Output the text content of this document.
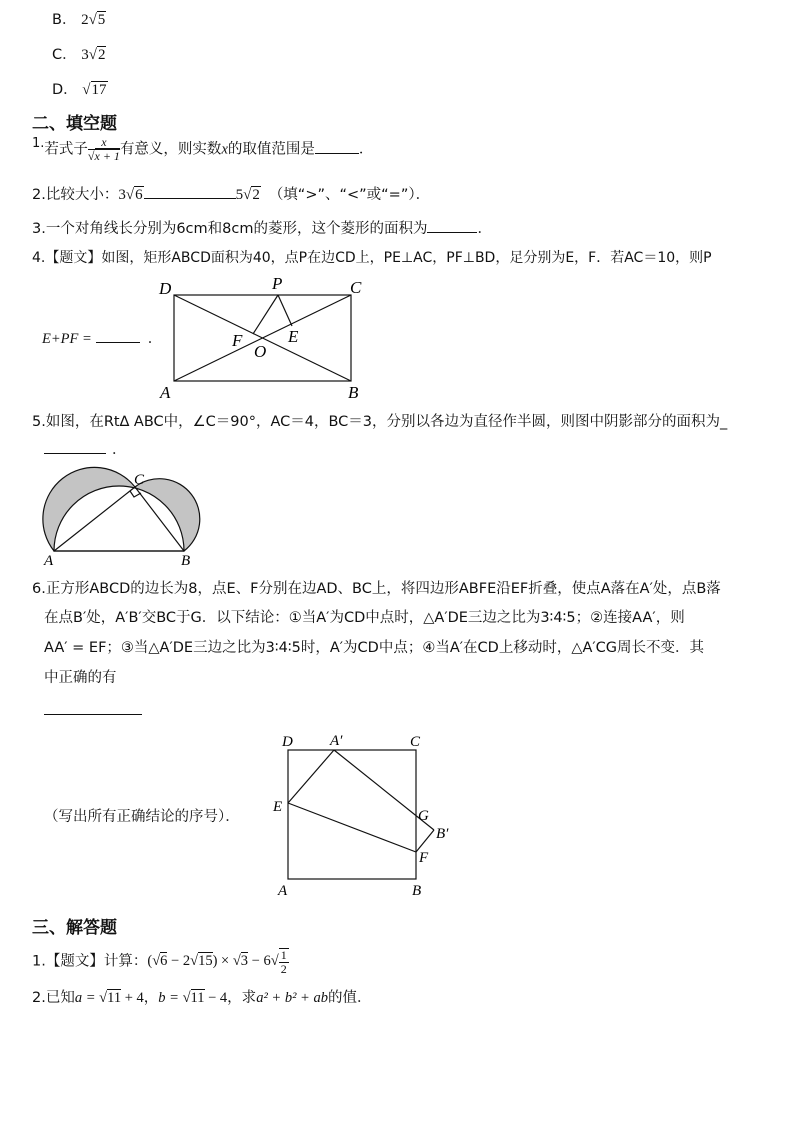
B． 2√5
C． 3√2
D． √17
二、填空题
1.若式子 $\frac{x}{√x + 1}$ 有意义，则实数x的取值范围是	．
2.比较大小：3√6	5√2 （填“>”、“<”或“=”）．
3.一个对角线长分别为6cm和8cm的菱形，这个菱形的面积为	．
4.【题文】如图，矩形ABCD面积为40，点P在边CD上，PE⊥AC，PF⊥BD，足分别为E，F．若AC＝10，则P
E+PF =	．
D	P	C
F	E
O
A	B
5.如图，在Rt∆ ABC中，∠C＝90°，AC＝4，BC＝3，分别以各边为直径作半圆，则图中阴影部分的面积为_
．
C
A	B
6.正方形ABCD的边长为8，点E、F分别在边AD、BC上，将四边形ABFE沿EF折叠，使点A落在A′处，点B落
在点B′处，A′B′交BC于G．以下结论：①当A′为CD中点时，△A′DE三边之比为3∶4∶5；②连接AA′，则
AA′ = EF；③当△A′DE三边之比为3∶4∶5时，A′为CD中点；④当A′在CD上移动时，△A′CG周长不变．其
中正确的有
（写出所有正确结论的序号）．
D A′	C
E
G
B′
F
A	B
三、解答题
1.【题文】计算：$(√6 - 2√15) \times √3 - 6√ \frac{1}{2}$
2.已知a = √11 + 4，b = √11 − 4，求a² + b² + ab的值．
